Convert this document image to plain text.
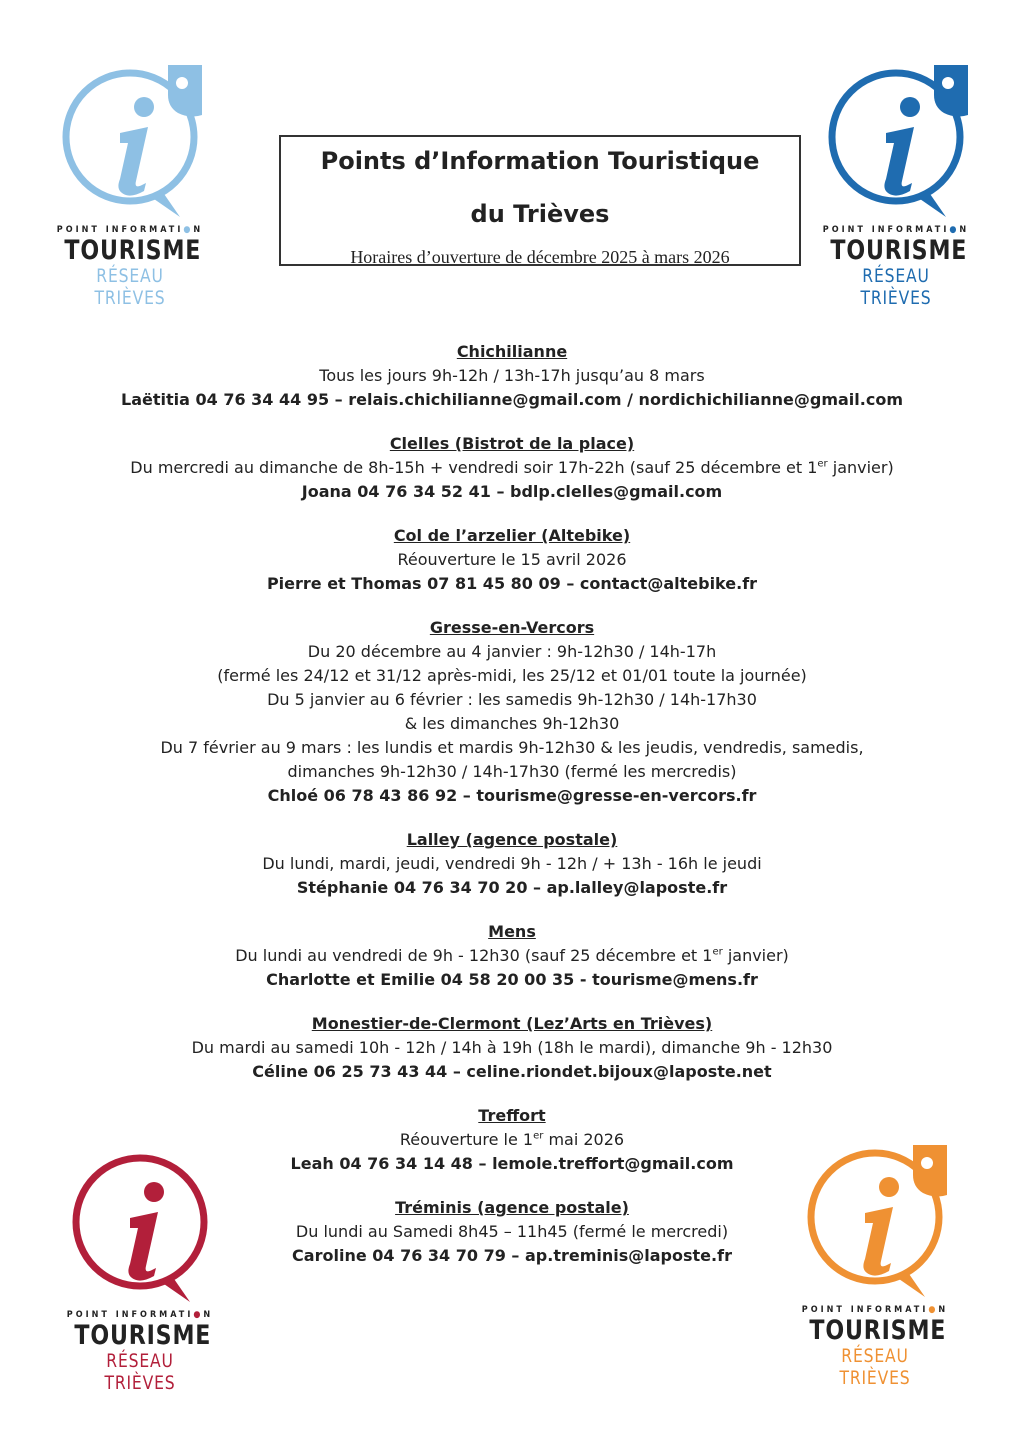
POINT INFORMATI●N
TOURISME
RÉSEAU TRIÈVES
POINT INFORMATI●N
TOURISME
RÉSEAU TRIÈVES
Points d’Information Touristique
du Trièves
Horaires d’ouverture de décembre 2025 à mars 2026
Chichilianne
Tous les jours 9h-12h / 13h-17h jusqu’au 8 mars
Laëtitia 04 76 34 44 95 – relais.chichilianne@gmail.com / nordichichilianne@gmail.com
Clelles (Bistrot de la place)
Du mercredi au dimanche de 8h-15h + vendredi soir 17h-22h (sauf 25 décembre et 1er janvier)
Joana 04 76 34 52 41 – bdlp.clelles@gmail.com
Col de l’arzelier (Altebike)
Réouverture le 15 avril 2026
Pierre et Thomas 07 81 45 80 09 – contact@altebike.fr
Gresse-en-Vercors
Du 20 décembre au 4 janvier : 9h-12h30 / 14h-17h
(fermé les 24/12 et 31/12 après-midi, les 25/12 et 01/01 toute la journée)
Du 5 janvier au 6 février : les samedis 9h-12h30 / 14h-17h30
& les dimanches 9h-12h30
Du 7 février au 9 mars : les lundis et mardis 9h-12h30 & les jeudis, vendredis, samedis,
dimanches 9h-12h30 / 14h-17h30 (fermé les mercredis)
Chloé 06 78 43 86 92 – tourisme@gresse-en-vercors.fr
Lalley (agence postale)
Du lundi, mardi, jeudi, vendredi 9h - 12h / + 13h - 16h le jeudi
Stéphanie 04 76 34 70 20 – ap.lalley@laposte.fr
Mens
Du lundi au vendredi de 9h - 12h30 (sauf 25 décembre et 1er janvier)
Charlotte et Emilie 04 58 20 00 35 - tourisme@mens.fr
Monestier-de-Clermont (Lez’Arts en Trièves)
Du mardi au samedi 10h - 12h / 14h à 19h (18h le mardi), dimanche 9h - 12h30
Céline 06 25 73 43 44 – celine.riondet.bijoux@laposte.net
Treffort
Réouverture le 1er mai 2026
Leah 04 76 34 14 48 – lemole.treffort@gmail.com
Tréminis (agence postale)
Du lundi au Samedi 8h45 – 11h45 (fermé le mercredi)
Caroline 04 76 34 70 79 – ap.treminis@laposte.fr
POINT INFORMATI●N
TOURISME
RÉSEAU TRIÈVES
POINT INFORMATI●N
TOURISME
RÉSEAU TRIÈVES
